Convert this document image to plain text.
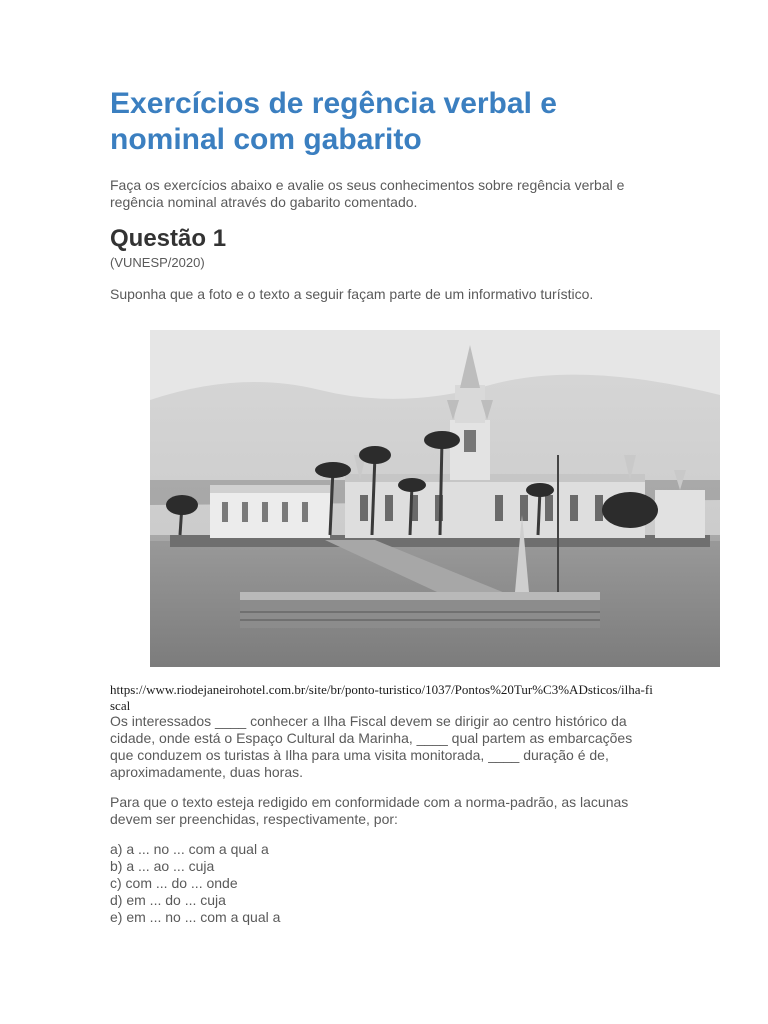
Exercícios de regência verbal e nominal com gabarito

Faça os exercícios abaixo e avalie os seus conhecimentos sobre regência verbal e regência nominal através do gabarito comentado.

Questão 1

(VUNESP/2020)

Suponha que a foto e o texto a seguir façam parte de um informativo turístico.

https://www.riodejaneirohotel.com.br/site/br/ponto-turistico/1037/Pontos%20Tur%C3%ADsticos/ilha-fiscal

Os interessados ____ conhecer a Ilha Fiscal devem se dirigir ao centro histórico da cidade, onde está o Espaço Cultural da Marinha, ____ qual partem as embarcações que conduzem os turistas à Ilha para uma visita monitorada, ____ duração é de, aproximadamente, duas horas.

Para que o texto esteja redigido em conformidade com a norma-padrão, as lacunas devem ser preenchidas, respectivamente, por:

a) a ... no ... com a qual a
b) a ... ao ... cuja
c) com ... do ... onde
d) em ... do ... cuja
e) em ... no ... com a qual a
